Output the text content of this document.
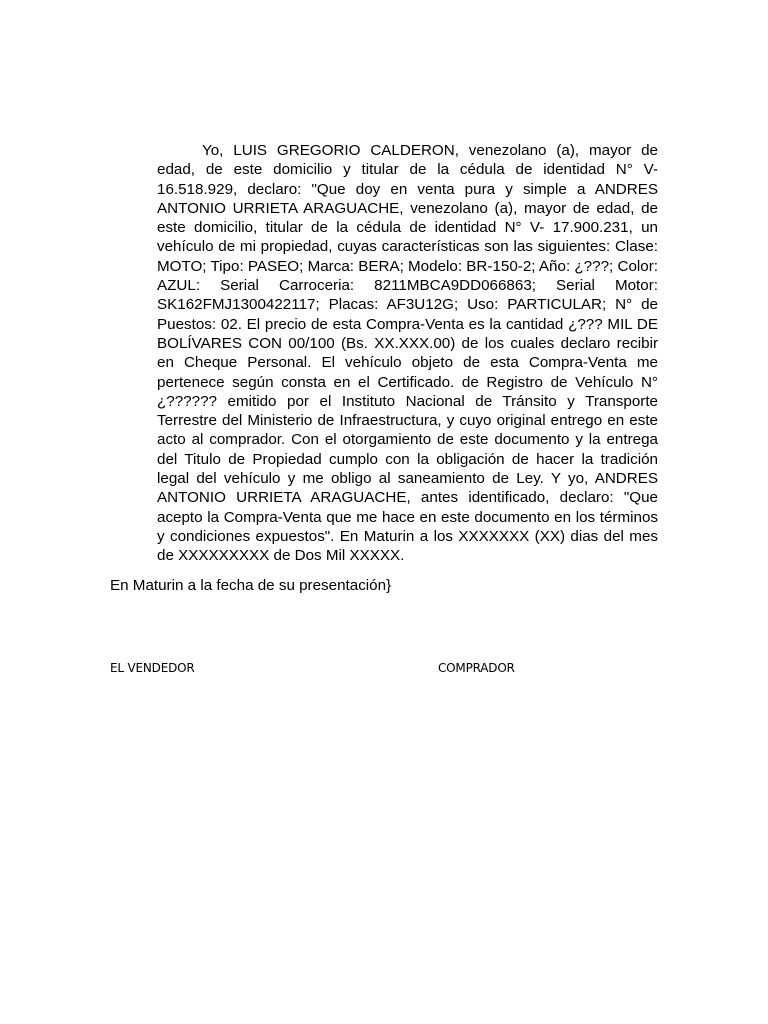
Yo, LUIS GREGORIO CALDERON, venezolano (a), mayor de edad, de este domicilio y titular de la cédula de identidad N° V- 16.518.929, declaro: "Que doy en venta pura y simple a ANDRES ANTONIO URRIETA ARAGUACHE, venezolano (a), mayor de edad, de este domicilio, titular de la cédula de identidad N° V- 17.900.231, un vehículo de mi propiedad, cuyas características son las siguientes: Clase: MOTO; Tipo: PASEO; Marca: BERA; Modelo: BR-150-2; Año: ¿???; Color: AZUL: Serial Carroceria: 8211MBCA9DD066863; Serial Motor: SK162FMJ1300422117; Placas: AF3U12G; Uso: PARTICULAR; N° de Puestos: 02. El precio de esta Compra-Venta es la cantidad ¿??? MIL DE BOLÍVARES CON 00/100 (Bs. XX.XXX.00) de los cuales declaro recibir en Cheque Personal. El vehículo objeto de esta Compra-Venta me pertenece según consta en el Certificado. de Registro de Vehículo N° ¿?????? emitido por el Instituto Nacional de Tránsito y Transporte Terrestre del Ministerio de Infraestructura, y cuyo original entrego en este acto al comprador. Con el otorgamiento de este documento y la entrega del Titulo de Propiedad cumplo con la obligación de hacer la tradición legal del vehículo y me obligo al saneamiento de Ley. Y yo, ANDRES ANTONIO URRIETA ARAGUACHE, antes identificado, declaro: "Que acepto la Compra-Venta que me hace en este documento en los términos y condiciones expuestos". En Maturin a los XXXXXXX (XX) dias del mes de XXXXXXXXX de Dos Mil XXXXX.

En Maturin a la fecha de su presentación}

EL VENDEDOR	COMPRADOR
